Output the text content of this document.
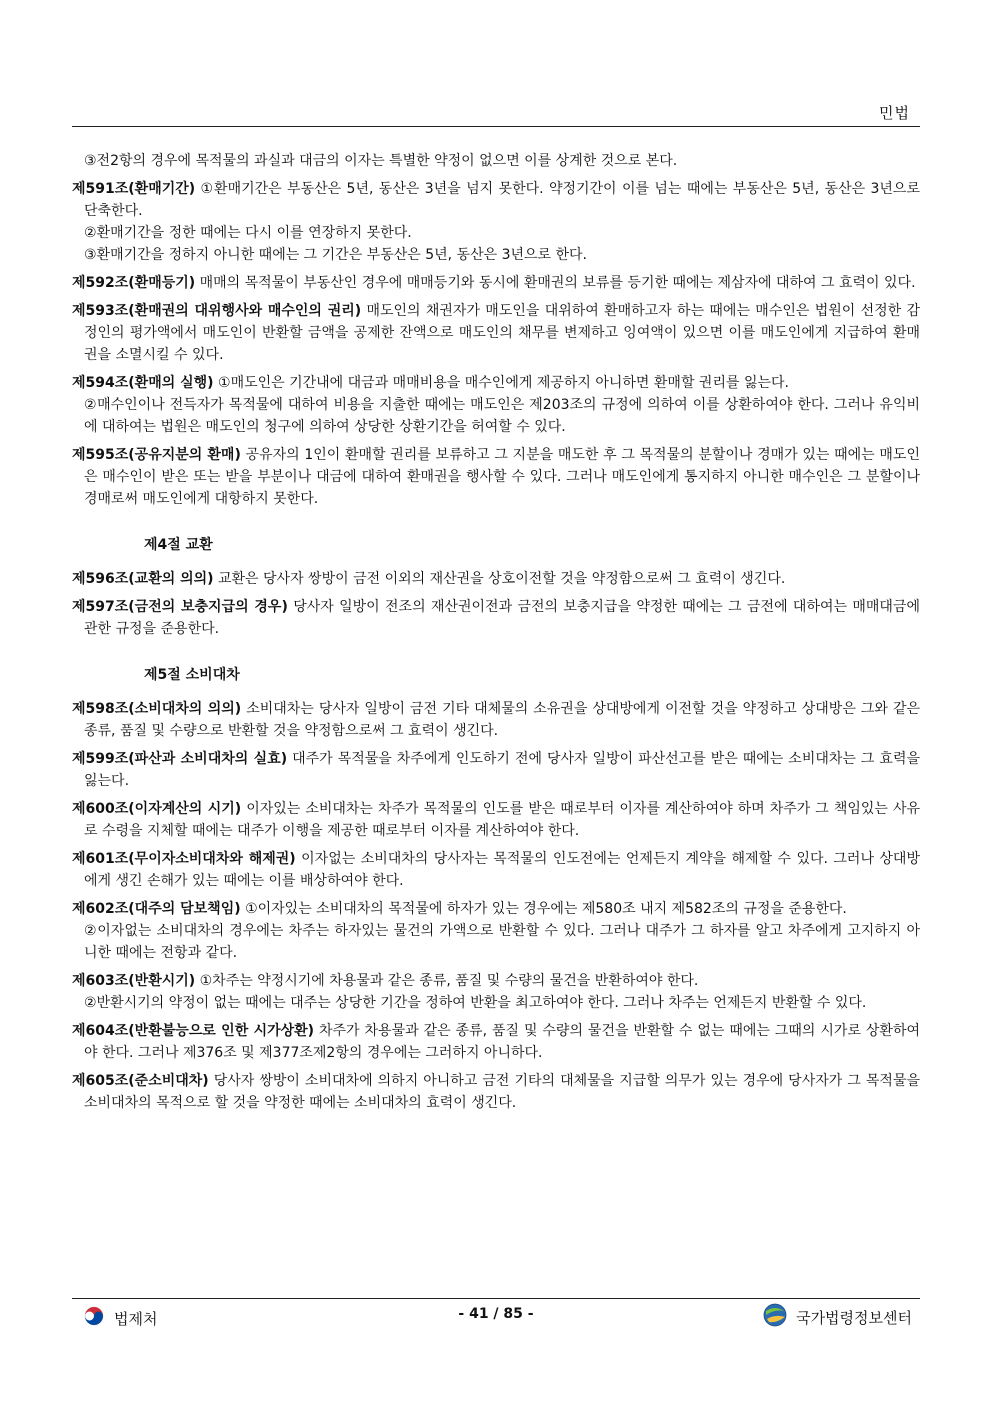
민법
③전2항의 경우에 목적물의 과실과 대금의 이자는 특별한 약정이 없으면 이를 상계한 것으로 본다.
제591조(환매기간) ①환매기간은 부동산은 5년, 동산은 3년을 넘지 못한다. 약정기간이 이를 넘는 때에는 부동산은 5년, 동산은 3년으로 단축한다.
②환매기간을 정한 때에는 다시 이를 연장하지 못한다.
③환매기간을 정하지 아니한 때에는 그 기간은 부동산은 5년, 동산은 3년으로 한다.
제592조(환매등기) 매매의 목적물이 부동산인 경우에 매매등기와 동시에 환매권의 보류를 등기한 때에는 제삼자에 대하여 그 효력이 있다.
제593조(환매권의 대위행사와 매수인의 권리) 매도인의 채권자가 매도인을 대위하여 환매하고자 하는 때에는 매수인은 법원이 선정한 감정인의 평가액에서 매도인이 반환할 금액을 공제한 잔액으로 매도인의 채무를 변제하고 잉여액이 있으면 이를 매도인에게 지급하여 환매권을 소멸시킬 수 있다.
제594조(환매의 실행) ①매도인은 기간내에 대금과 매매비용을 매수인에게 제공하지 아니하면 환매할 권리를 잃는다.
②매수인이나 전득자가 목적물에 대하여 비용을 지출한 때에는 매도인은 제203조의 규정에 의하여 이를 상환하여야 한다. 그러나 유익비에 대하여는 법원은 매도인의 청구에 의하여 상당한 상환기간을 허여할 수 있다.
제595조(공유지분의 환매) 공유자의 1인이 환매할 권리를 보류하고 그 지분을 매도한 후 그 목적물의 분할이나 경매가 있는 때에는 매도인은 매수인이 받은 또는 받을 부분이나 대금에 대하여 환매권을 행사할 수 있다. 그러나 매도인에게 통지하지 아니한 매수인은 그 분할이나 경매로써 매도인에게 대항하지 못한다.
제4절 교환
제596조(교환의 의의) 교환은 당사자 쌍방이 금전 이외의 재산권을 상호이전할 것을 약정함으로써 그 효력이 생긴다.
제597조(금전의 보충지급의 경우) 당사자 일방이 전조의 재산권이전과 금전의 보충지급을 약정한 때에는 그 금전에 대하여는 매매대금에 관한 규정을 준용한다.
제5절 소비대차
제598조(소비대차의 의의) 소비대차는 당사자 일방이 금전 기타 대체물의 소유권을 상대방에게 이전할 것을 약정하고 상대방은 그와 같은 종류, 품질 및 수량으로 반환할 것을 약정함으로써 그 효력이 생긴다.
제599조(파산과 소비대차의 실효) 대주가 목적물을 차주에게 인도하기 전에 당사자 일방이 파산선고를 받은 때에는 소비대차는 그 효력을 잃는다.
제600조(이자계산의 시기) 이자있는 소비대차는 차주가 목적물의 인도를 받은 때로부터 이자를 계산하여야 하며 차주가 그 책임있는 사유로 수령을 지체할 때에는 대주가 이행을 제공한 때로부터 이자를 계산하여야 한다.
제601조(무이자소비대차와 해제권) 이자없는 소비대차의 당사자는 목적물의 인도전에는 언제든지 계약을 해제할 수 있다. 그러나 상대방에게 생긴 손해가 있는 때에는 이를 배상하여야 한다.
제602조(대주의 담보책임) ①이자있는 소비대차의 목적물에 하자가 있는 경우에는 제580조 내지 제582조의 규정을 준용한다.
②이자없는 소비대차의 경우에는 차주는 하자있는 물건의 가액으로 반환할 수 있다. 그러나 대주가 그 하자를 알고 차주에게 고지하지 아니한 때에는 전항과 같다.
제603조(반환시기) ①차주는 약정시기에 차용물과 같은 종류, 품질 및 수량의 물건을 반환하여야 한다.
②반환시기의 약정이 없는 때에는 대주는 상당한 기간을 정하여 반환을 최고하여야 한다. 그러나 차주는 언제든지 반환할 수 있다.
제604조(반환불능으로 인한 시가상환) 차주가 차용물과 같은 종류, 품질 및 수량의 물건을 반환할 수 없는 때에는 그때의 시가로 상환하여야 한다. 그러나 제376조 및 제377조제2항의 경우에는 그러하지 아니하다.
제605조(준소비대차) 당사자 쌍방이 소비대차에 의하지 아니하고 금전 기타의 대체물을 지급할 의무가 있는 경우에 당사자가 그 목적물을 소비대차의 목적으로 할 것을 약정한 때에는 소비대차의 효력이 생긴다.
법제처	- 41 / 85 -	국가법령정보센터
